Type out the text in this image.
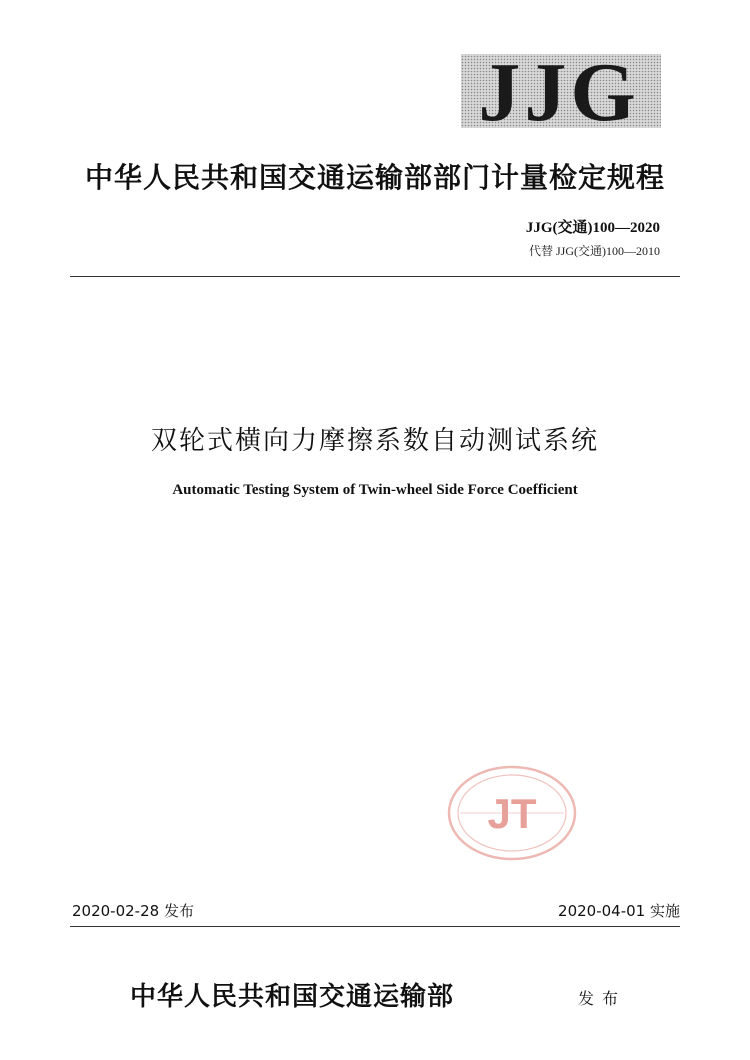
JJG
中华人民共和国交通运输部部门计量检定规程
JJG(交通)100—2020
代替 JJG(交通)100—2010
双轮式横向力摩擦系数自动测试系统
Automatic Testing System of Twin-wheel Side Force Coefficient
JT
2020-02-28 发布	2020-04-01 实施
中华人民共和国交通运输部	发布
